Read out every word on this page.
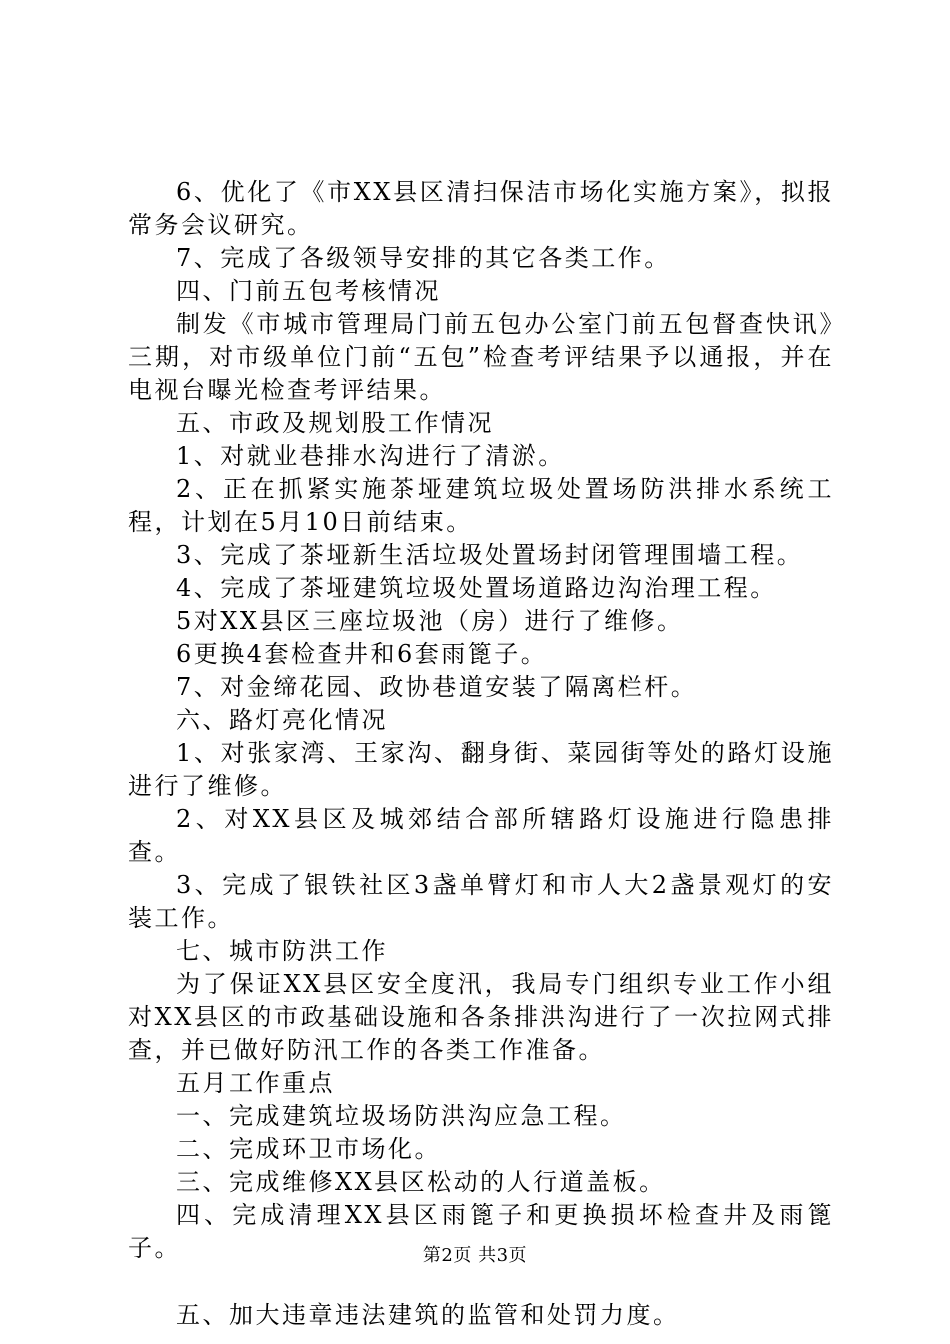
6、优化了《市XX县区清扫保洁市场化实施方案》，拟报常务会议研究。

7、完成了各级领导安排的其它各类工作。

四、门前五包考核情况

制发《市城市管理局门前五包办公室门前五包督查快讯》三期，对市级单位门前“五包”检查考评结果予以通报，并在电视台曝光检查考评结果。

五、市政及规划股工作情况

1、对就业巷排水沟进行了清淤。

2、正在抓紧实施茶垭建筑垃圾处置场防洪排水系统工程，计划在5月10日前结束。

3、完成了茶垭新生活垃圾处置场封闭管理围墙工程。

4、完成了茶垭建筑垃圾处置场道路边沟治理工程。

5对XX县区三座垃圾池（房）进行了维修。

6更换4套检查井和6套雨篦子。

7、对金缔花园、政协巷道安装了隔离栏杆。

六、路灯亮化情况

1、对张家湾、王家沟、翻身街、菜园街等处的路灯设施进行了维修。

2、对XX县区及城郊结合部所辖路灯设施进行隐患排查。

3、完成了银铁社区3盏单臂灯和市人大2盏景观灯的安装工作。

七、城市防洪工作

为了保证XX县区安全度汛，我局专门组织专业工作小组对XX县区的市政基础设施和各条排洪沟进行了一次拉网式排查，并已做好防汛工作的各类工作准备。

五月工作重点

一、完成建筑垃圾场防洪沟应急工程。

二、完成环卫市场化。

三、完成维修XX县区松动的人行道盖板。

四、完成清理XX县区雨篦子和更换损坏检查井及雨篦子。

五、加大违章违法建筑的监管和处罚力度。

第2页 共3页
